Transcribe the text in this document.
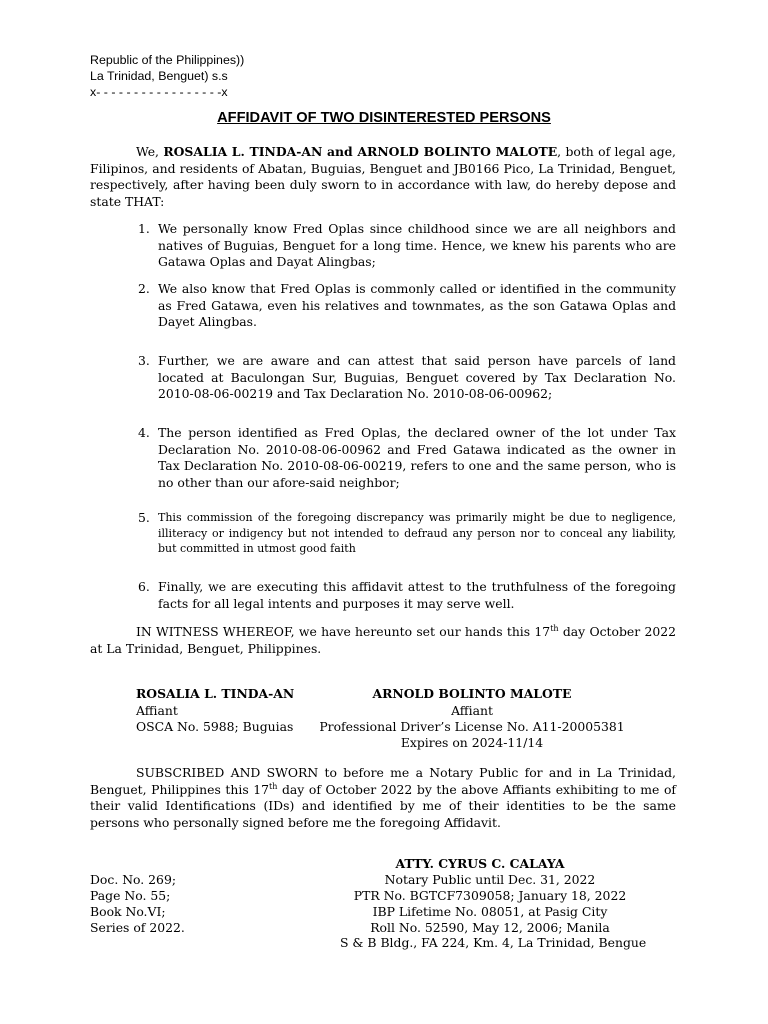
Republic of the Philippines))
La Trinidad, Benguet) s.s
x- - - - - - - - - - - - - - - - -x
AFFIDAVIT OF TWO DISINTERESTED PERSONS
We, ROSALIA L. TINDA-AN and ARNOLD BOLINTO MALOTE, both of legal age, Filipinos, and residents of Abatan, Buguias, Benguet and JB0166 Pico, La Trinidad, Benguet, respectively, after having been duly sworn to in accordance with law, do hereby depose and state THAT:
1. We personally know Fred Oplas since childhood since we are all neighbors and natives of Buguias, Benguet for a long time. Hence, we knew his parents who are Gatawa Oplas and Dayat Alingbas;
2. We also know that Fred Oplas is commonly called or identified in the community as Fred Gatawa, even his relatives and townmates, as the son Gatawa Oplas and Dayet Alingbas.
3. Further, we are aware and can attest that said person have parcels of land located at Baculongan Sur, Buguias, Benguet covered by Tax Declaration No. 2010-08-06-00219 and Tax Declaration No. 2010-08-06-00962;
4. The person identified as Fred Oplas, the declared owner of the lot under Tax Declaration No. 2010-08-06-00962 and Fred Gatawa indicated as the owner in Tax Declaration No. 2010-08-06-00219, refers to one and the same person, who is no other than our afore-said neighbor;
5. This commission of the foregoing discrepancy was primarily might be due to negligence, illiteracy or indigency but not intended to defraud any person nor to conceal any liability, but committed in utmost good faith
6. Finally, we are executing this affidavit attest to the truthfulness of the foregoing facts for all legal intents and purposes it may serve well.
IN WITNESS WHEREOF, we have hereunto set our hands this 17th day October 2022 at La Trinidad, Benguet, Philippines.
ROSALIA L. TINDA-AN
Affiant
OSCA No. 5988; Buguias
ARNOLD BOLINTO MALOTE
Affiant
Professional Driver’s License No. A11-20005381
Expires on 2024-11/14
SUBSCRIBED AND SWORN to before me a Notary Public for and in La Trinidad, Benguet, Philippines this 17th day of October 2022 by the above Affiants exhibiting to me of their valid Identifications (IDs) and identified by me of their identities to be the same persons who personally signed before me the foregoing Affidavit.
ATTY. CYRUS C. CALAYA
Notary Public until Dec. 31, 2022
PTR No. BGTCF7309058; January 18, 2022
IBP Lifetime No. 08051, at Pasig City
Roll No. 52590, May 12, 2006; Manila
S & B Bldg., FA 224, Km. 4, La Trinidad, Bengue
Doc. No. 269;
Page No. 55;
Book No.VI;
Series of 2022.
